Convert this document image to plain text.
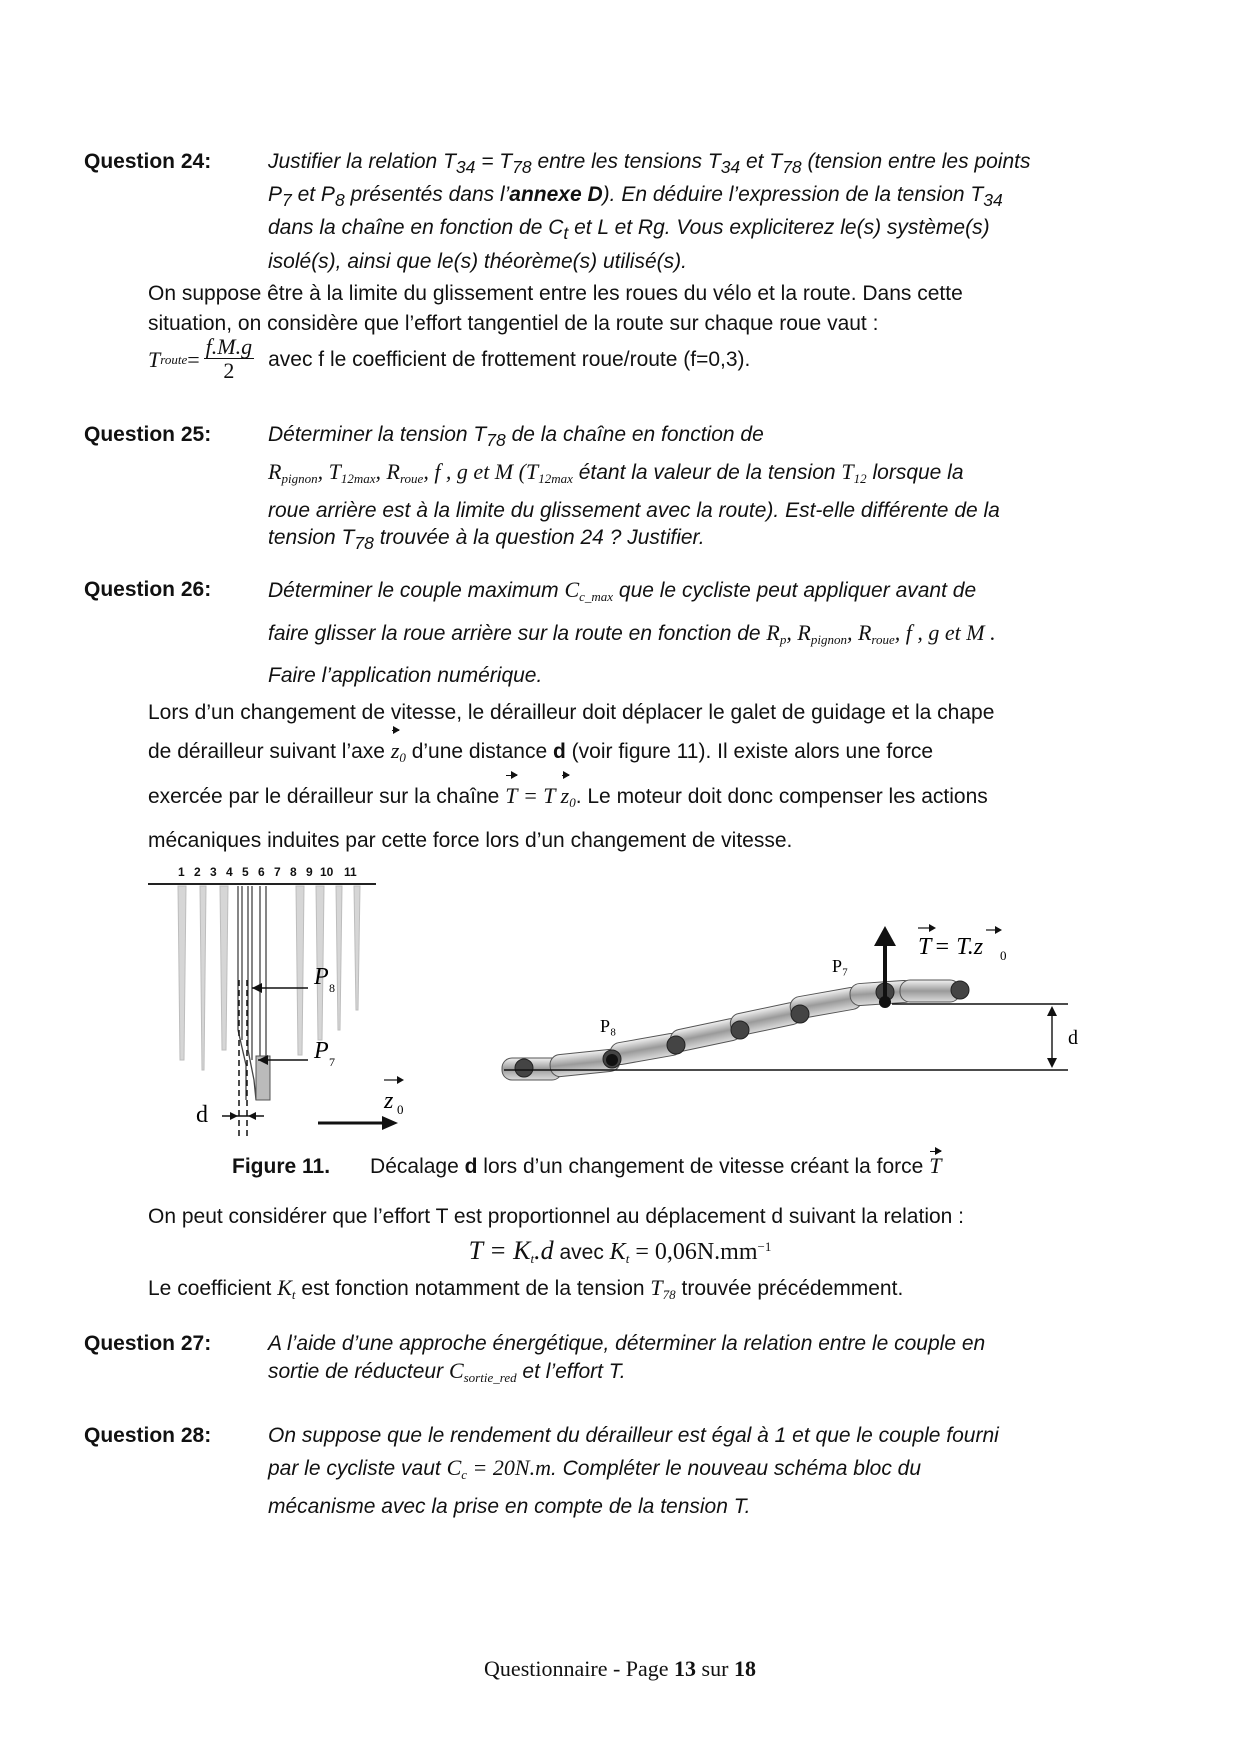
Question 24:	Justifier la relation $T_{34} = T_{78}$ entre les tensions $T_{34}$ et $T_{78}$ (tension entre les points
$P_7$ et $P_8$ présentés dans l’annexe D). En déduire l’expression de la tension $T_{34}$
dans la chaîne en fonction de $C_t$ et L et Rg. Vous expliciterez le(s) système(s)
isolé(s), ainsi que le(s) théorème(s) utilisé(s).
On suppose être à la limite du glissement entre les roues du vélo et la route. Dans cette
situation, on considère que l’effort tangentiel de la route sur chaque roue vaut :
T route = $\frac{f.M.g}{2}$ avec f le coefficient de frottement roue/route (f=0,3).
Question 25:	Déterminer la tension $T_{78}$ de la chaîne en fonction de
$R_{pignon}$, $T_{12max}$, $R_{roue}$, f , g et M ($T_{12max}$ étant la valeur de la tension $T_{12}$ lorsque la
roue arrière est à la limite du glissement avec la route). Est-elle différente de la
tension $T_{78}$ trouvée à la question 24 ? Justifier.
Question 26:	Déterminer le couple maximum $C_{c\_max}$ que le cycliste peut appliquer avant de
faire glisser la roue arrière sur la route en fonction de $R_p$, $R_{pignon}$, $R_{roue}$, f , g et M .
Faire l’application numérique.
Lors d’un changement de vitesse, le dérailleur doit déplacer le galet de guidage et la chape
de dérailleur suivant l’axe $z_0$ d’une distance d (voir figure 11). Il existe alors une force
exercée par le dérailleur sur la chaîne T = T $z_0$. Le moteur doit donc compenser les actions
mécaniques induites par cette force lors d’un changement de vitesse.
1 2 3 4 5 6 7 8 9 10 11
P 8
P 7
d
z 0
P₈
P₇
d
T = T.z 0
Figure 11. Décalage d lors d’un changement de vitesse créant la force T
On peut considérer que l’effort T est proportionnel au déplacement d suivant la relation :
$T = K_t.d$ avec $K_t = 0,06N.mm^{-1}$
Le coefficient $K_t$ est fonction notamment de la tension $T_{78}$ trouvée précédemment.
Question 27:	A l’aide d’une approche énergétique, déterminer la relation entre le couple en
sortie de réducteur $C_{sortie\_red}$ et l’effort T.
Question 28:	On suppose que le rendement du dérailleur est égal à 1 et que le couple fourni
par le cycliste vaut $C_c = 20N.m$. Compléter le nouveau schéma bloc du
mécanisme avec la prise en compte de la tension T.
Questionnaire - Page 13 sur 18
